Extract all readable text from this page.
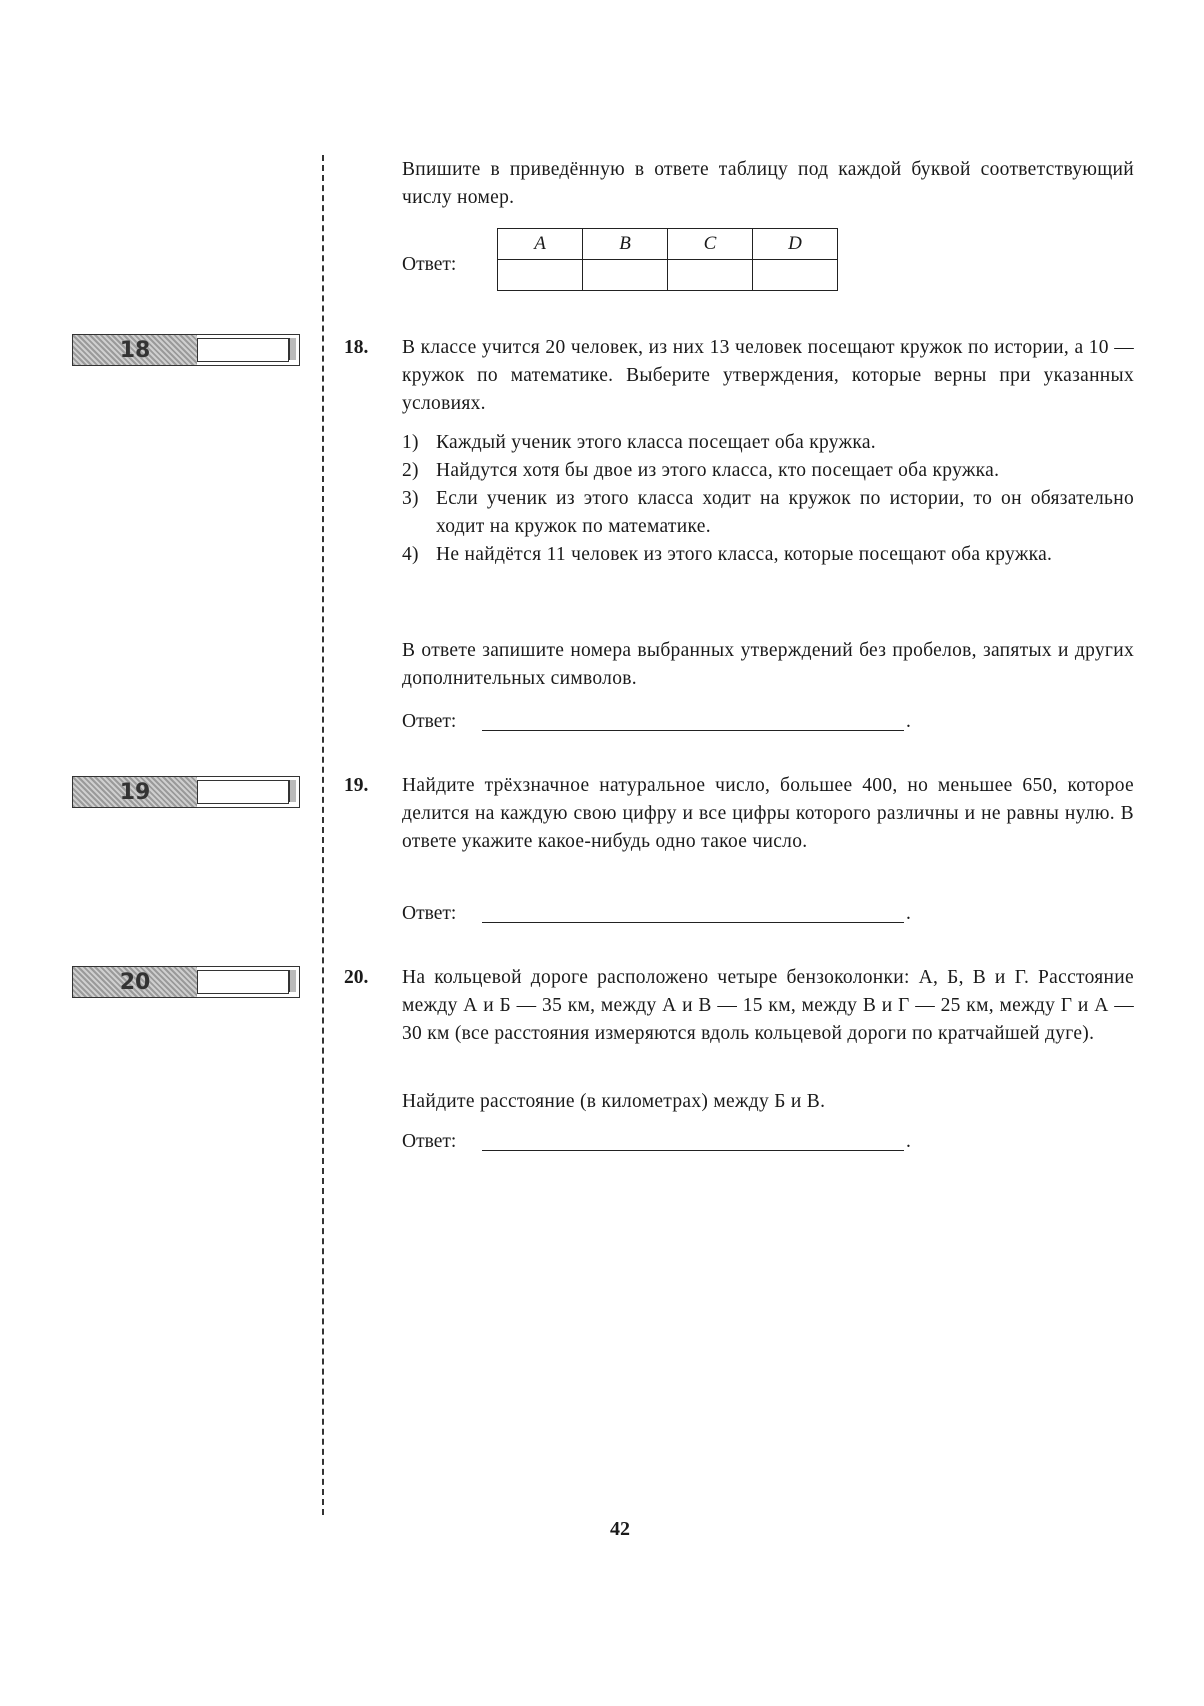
Впишите в приведённую в ответе таблицу под каждой буквой соответствующий числу номер.
Ответ:
A	B	C	D

18	18. В классе учится 20 человек, из них 13 человек посещают кружок по истории, а 10 — кружок по математике. Выберите утверждения, которые верны при указанных условиях.
1) Каждый ученик этого класса посещает оба кружка.
2) Найдутся хотя бы двое из этого класса, кто посещает оба кружка.
3) Если ученик из этого класса ходит на кружок по истории, то он обязательно ходит на кружок по математике.
4) Не найдётся 11 человек из этого класса, которые посещают оба кружка.
В ответе запишите номера выбранных утверждений без пробелов, запятых и других дополнительных символов.
Ответ:	.
19	19. Найдите трёхзначное натуральное число, большее 400, но меньшее 650, которое делится на каждую свою цифру и все цифры которого различны и не равны нулю. В ответе укажите какое-нибудь одно такое число.
Ответ:	.
20	20. На кольцевой дороге расположено четыре бензоколонки: А, Б, В и Г. Расстояние между А и Б — 35 км, между А и В — 15 км, между В и Г — 25 км, между Г и А — 30 км (все расстояния измеряются вдоль кольцевой дороги по кратчайшей дуге).
Найдите расстояние (в километрах) между Б и В.
Ответ:	.
42
